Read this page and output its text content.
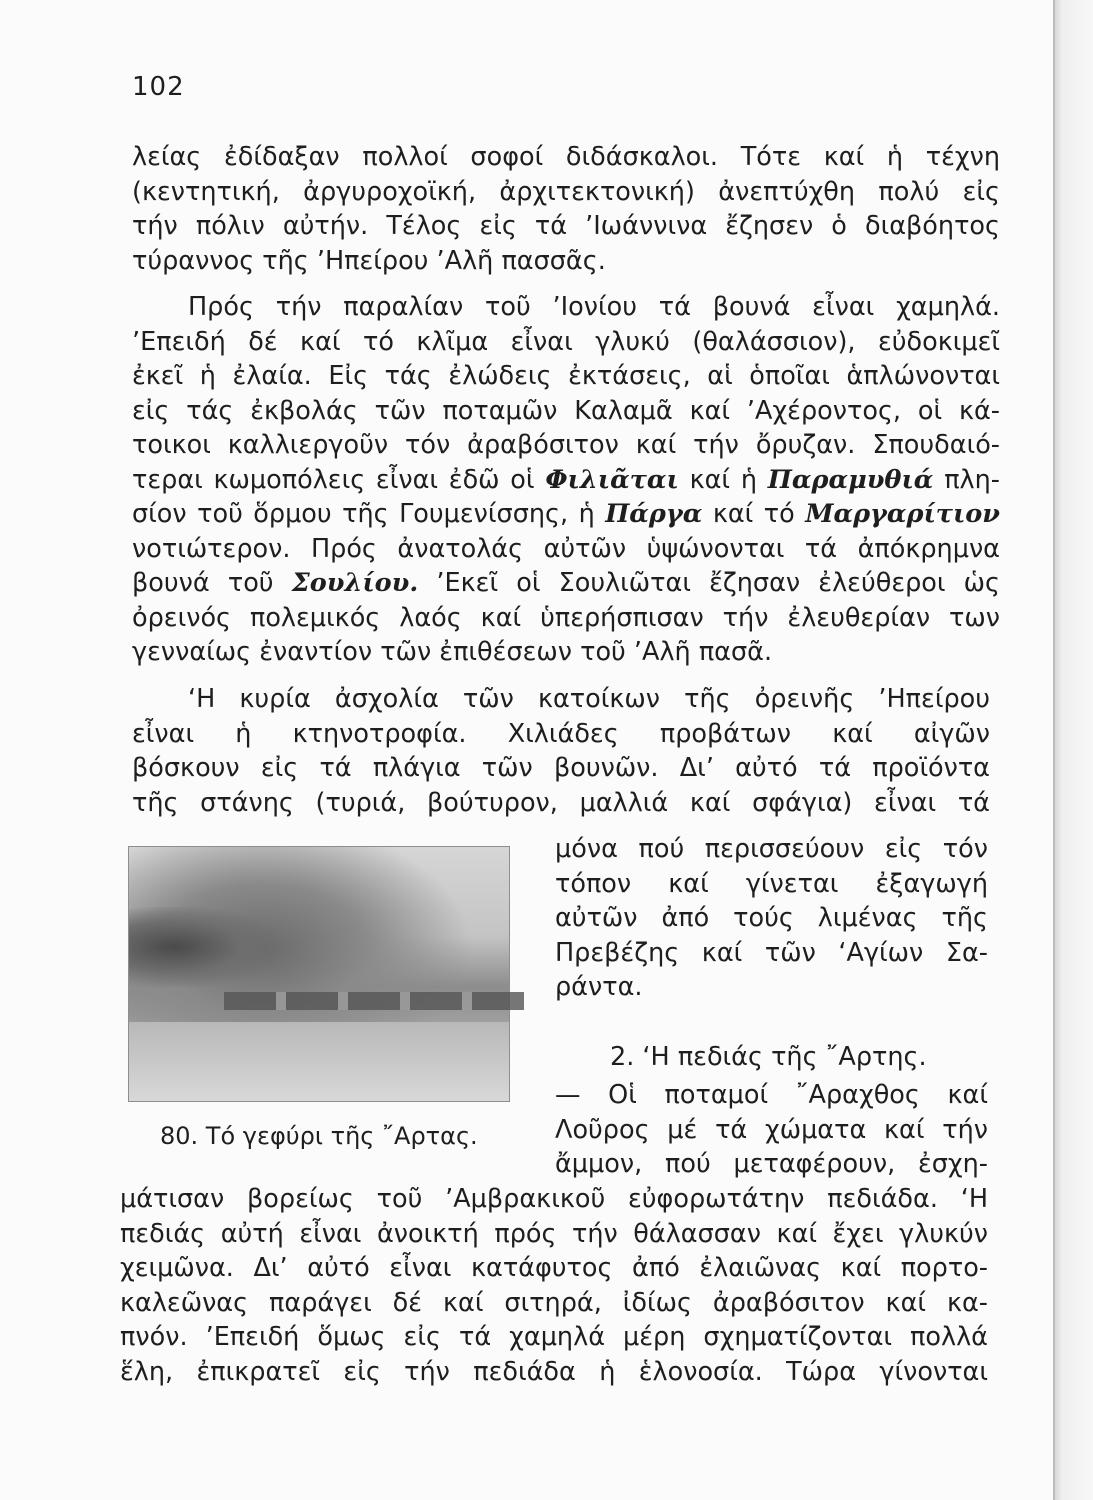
102
λείας ἐδίδαξαν πολλοί σοφοί διδάσκαλοι. Τότε καί ἡ τέχνη
(κεντητική, ἀργυροχοϊκή, ἀρχιτεκτονική) ἀνεπτύχθη πολύ εἰς
τήν πόλιν αὐτήν. Τέλος εἰς τά ’Ιωάννινα ἔζησεν ὁ διαβόητος
τύραννος τῆς ’Ηπείρου ’Αλῆ πασσᾶς.
Πρός τήν παραλίαν τοῦ ’Ιονίου τά βουνά εἶναι χαμηλά.
’Επειδή δέ καί τό κλῖμα εἶναι γλυκύ (θαλάσσιον), εὐδοκιμεῖ
ἐκεῖ ἡ ἐλαία. Εἰς τάς ἐλώδεις ἐκτάσεις, αἱ ὁποῖαι ἁπλώνονται
εἰς τάς ἐκβολάς τῶν ποταμῶν Καλαμᾶ καί ’Αχέροντος, οἱ κά-
τοικοι καλλιεργοῦν τόν ἀραβόσιτον καί τήν ὄρυζαν. Σπουδαιό-
τεραι κωμοπόλεις εἶναι ἐδῶ οἱ Φιλιᾶται καί ἡ Παραμυθιά πλη-
σίον τοῦ ὅρμου τῆς Γουμενίσσης, ἡ Πάργα καί τό Μαργαρίτιον
νοτιώτερον. Πρός ἀνατολάς αὐτῶν ὑψώνονται τά ἀπόκρημνα
βουνά τοῦ Σουλίου. ’Εκεῖ οἱ Σουλιῶται ἔζησαν ἐλεύθεροι ὡς
ὀρεινός πολεμικός λαός καί ὑπερήσπισαν τήν ἐλευθερίαν των
γενναίως ἐναντίον τῶν ἐπιθέσεων τοῦ ’Αλῆ πασᾶ.
‘Η κυρία ἀσχολία τῶν κατοίκων τῆς ὀρεινῆς ’Ηπείρου
εἶναι ἡ κτηνοτροφία. Χιλιάδες προβάτων καί αἰγῶν
βόσκουν εἰς τά πλάγια τῶν βουνῶν. Δι’ αὐτό τά προϊόντα
τῆς στάνης (τυριά, βούτυρον, μαλλιά καί σφάγια) εἶναι τά
80. Τό γεφύρι τῆς ῎Αρτας.
μόνα πού περισσεύουν εἰς τόν
τόπον καί γίνεται ἐξαγωγή
αὐτῶν ἀπό τούς λιμένας τῆς
Πρεβέζης καί τῶν ‘Αγίων Σα-
ράντα.
2. ‘Η πεδιάς τῆς ῎Αρτης.
— Οἱ ποταμοί ῎Αραχθος καί
Λοῦρος μέ τά χώματα καί τήν
ἄμμον, πού μεταφέρουν, ἐσχη-
μάτισαν βορείως τοῦ ’Αμβρακικοῦ εὐφορωτάτην πεδιάδα. ‘Η
πεδιάς αὐτή εἶναι ἀνοικτή πρός τήν θάλασσαν καί ἔχει γλυκύν
χειμῶνα. Δι’ αὐτό εἶναι κατάφυτος ἀπό ἐλαιῶνας καί πορτο-
καλεῶνας παράγει δέ καί σιτηρά, ἰδίως ἀραβόσιτον καί κα-
πνόν. ’Επειδή ὅμως εἰς τά χαμηλά μέρη σχηματίζονται πολλά
ἕλη, ἐπικρατεῖ εἰς τήν πεδιάδα ἡ ἑλονοσία. Τώρα γίνονται
